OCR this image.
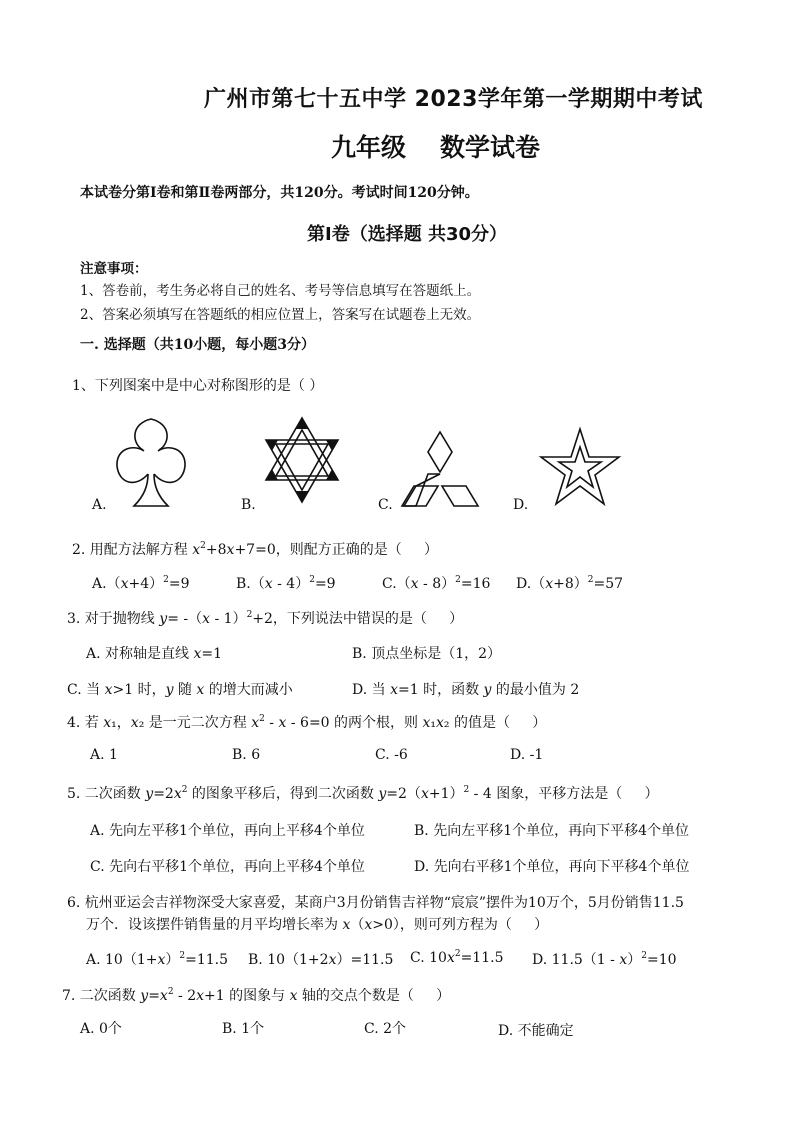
广州市第七十五中学 2023学年第一学期期中考试
九年级 数学试卷
本试卷分第Ⅰ卷和第Ⅱ卷两部分，共120分。考试时间120分钟。
第Ⅰ卷（选择题 共30分）
注意事项：
1、答卷前，考生务必将自己的姓名、考号等信息填写在答题纸上。
2、答案必须填写在答题纸的相应位置上，答案写在试题卷上无效。
一. 选择题（共10小题，每小题3分）
1、下列图案中是中心对称图形的是（ ）
A.	B.	C.	D.
2. 用配方法解方程 $x^2+8x+7=0$，则配方正确的是（     ）
$A.(x+4)^2=9$	B.（x - 4）$^2$=9	C.（x - 8）$^2$=16 $D.(x+8)^2=57$
3. 对于抛物线 y= -（x - 1）$^2$+2，下列说法中错误的是（     ）
A. 对称轴是直线 x=1	B. 顶点坐标是（1，2）
C. 当 x>1 时，y 随 x 的增大而减小	D. 当 x=1 时，函数 y 的最小值为 2
4. 若 x₁，x₂ 是一元二次方程 $x^2 - x - 6=0$ 的两个根，则 x₁x₂ 的值是（     ）
A. 1	B. 6	C. -6	D. -1
5. 二次函数 $y=2x^2$ 的图象平移后，得到二次函数 $y=2(x+1)^2 - 4$ 图象，平移方法是（     ）
A. 先向左平移1个单位，再向上平移4个单位	B. 先向左平移1个单位，再向下平移4个单位
C. 先向右平移1个单位，再向上平移4个单位	D. 先向右平移1个单位，再向下平移4个单位
6. 杭州亚运会吉祥物深受大家喜爱，某商户3月份销售吉祥物“宸宸”摆件为10万个，5月份销售11.5
万个．设该摆件销售量的月平均增长率为 x（x>0），则可列方程为（     ）
A. $10(1+x)^2=11.5$ B. 10（1+2x）=11.5 C. $10x^2=11.5$ D. 11.5（1 - x）$^2$=10
7. 二次函数 $y=x^2 - 2x+1$ 的图象与 x 轴的交点个数是（     ）
A. 0个	B. 1个	C. 2个	D. 不能确定
